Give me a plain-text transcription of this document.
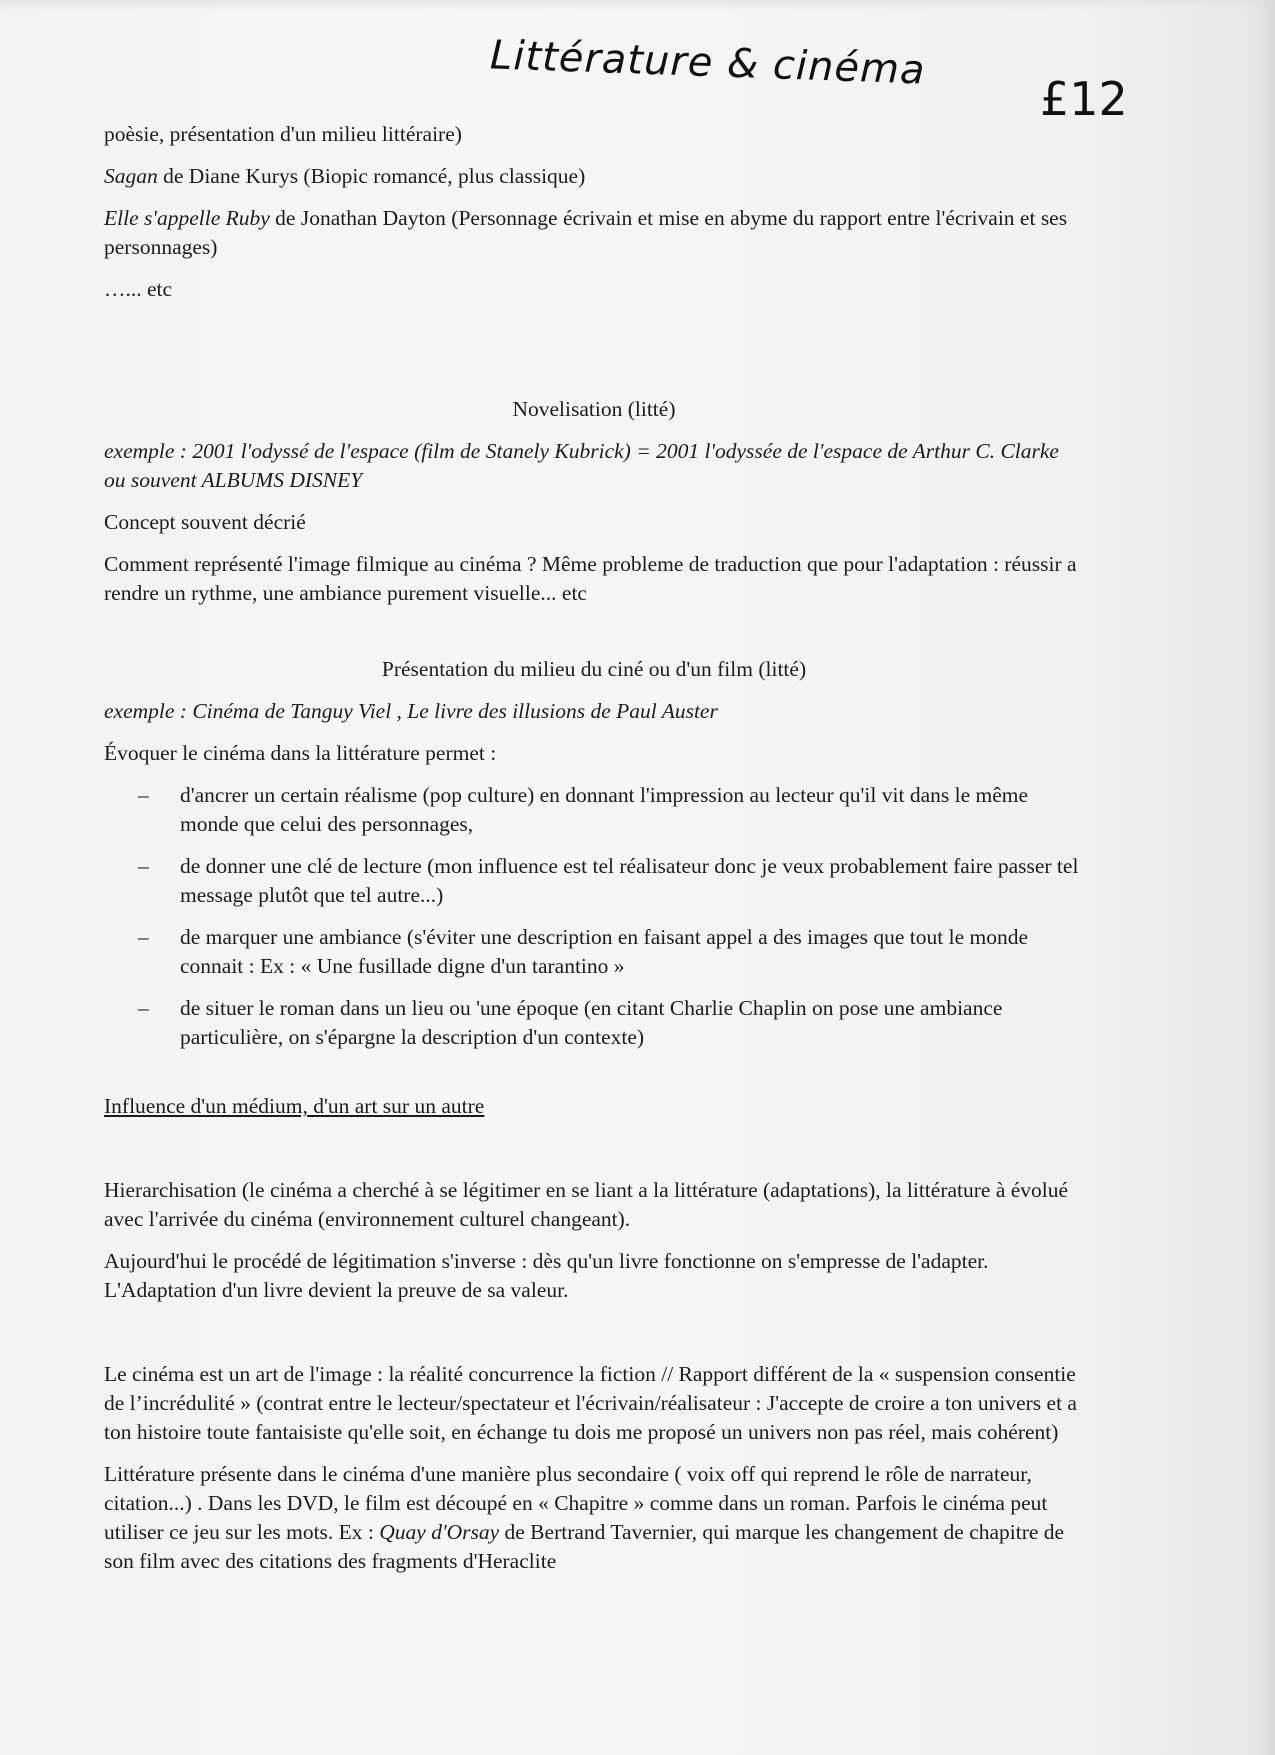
Littérature & cinéma
£12

poèsie, présentation d'un milieu littéraire)

Sagan de Diane Kurys (Biopic romancé, plus classique)

Elle s'appelle Ruby de Jonathan Dayton (Personnage écrivain et mise en abyme du rapport entre l'écrivain et ses personnages)

…... etc

Novelisation (litté)

exemple : 2001 l'odyssé de l'espace (film de Stanely Kubrick) = 2001 l'odyssée de l'espace de Arthur C. Clarke ou souvent ALBUMS DISNEY

Concept souvent décrié

Comment représenté l'image filmique au cinéma ? Même probleme de traduction que pour l'adaptation : réussir a rendre un rythme, une ambiance purement visuelle... etc

Présentation du milieu du ciné ou d'un film (litté)

exemple : Cinéma de Tanguy Viel , Le livre des illusions de Paul Auster

Évoquer le cinéma dans la littérature permet :

– d'ancrer un certain réalisme (pop culture) en donnant l'impression au lecteur qu'il vit dans le même monde que celui des personnages,
– de donner une clé de lecture (mon influence est tel réalisateur donc je veux probablement faire passer tel message plutôt que tel autre...)
– de marquer une ambiance (s'éviter une description en faisant appel a des images que tout le monde connait : Ex : « Une fusillade digne d'un tarantino »
– de situer le roman dans un lieu ou 'une époque (en citant Charlie Chaplin on pose une ambiance particulière, on s'épargne la description d'un contexte)

Influence d'un médium, d'un art sur un autre

Hierarchisation (le cinéma a cherché à se légitimer en se liant a la littérature (adaptations), la littérature à évolué avec l'arrivée du cinéma (environnement culturel changeant).

Aujourd'hui le procédé de légitimation s'inverse : dès qu'un livre fonctionne on s'empresse de l'adapter. L'Adaptation d'un livre devient la preuve de sa valeur.

Le cinéma est un art de l'image : la réalité concurrence la fiction // Rapport différent de la « suspension consentie de l’incrédulité » (contrat entre le lecteur/spectateur et l'écrivain/réalisateur : J'accepte de croire a ton univers et a ton histoire toute fantaisiste qu'elle soit, en échange tu dois me proposé un univers non pas réel, mais cohérent)

Littérature présente dans le cinéma d'une manière plus secondaire ( voix off qui reprend le rôle de narrateur, citation...) . Dans les DVD, le film est découpé en « Chapitre » comme dans un roman. Parfois le cinéma peut utiliser ce jeu sur les mots. Ex : Quay d'Orsay de Bertrand Tavernier, qui marque les changement de chapitre de son film avec des citations des fragments d'Heraclite
